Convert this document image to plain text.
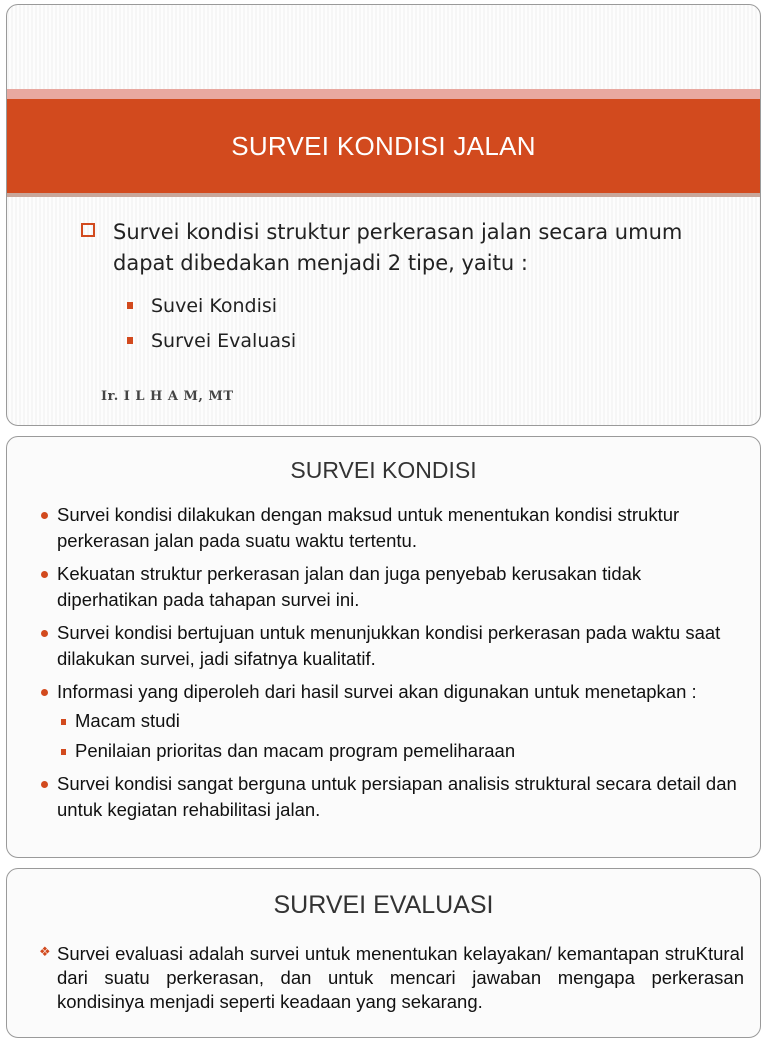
SURVEI KONDISI JALAN
Survei kondisi struktur perkerasan jalan secara umum dapat dibedakan menjadi 2 tipe, yaitu :
Suvei Kondisi
Survei Evaluasi
Ir. I L H A M, MT
SURVEI KONDISI
Survei kondisi dilakukan dengan maksud untuk menentukan kondisi struktur perkerasan jalan pada suatu waktu tertentu.
Kekuatan struktur perkerasan jalan dan juga penyebab kerusakan tidak diperhatikan pada tahapan survei ini.
Survei kondisi bertujuan untuk menunjukkan kondisi perkerasan pada waktu saat dilakukan survei, jadi sifatnya kualitatif.
Informasi yang diperoleh dari hasil survei akan digunakan untuk menetapkan :
Macam studi
Penilaian prioritas dan macam program pemeliharaan
Survei kondisi sangat berguna untuk persiapan analisis struktural secara detail dan untuk kegiatan rehabilitasi jalan.
SURVEI EVALUASI
❖ Survei evaluasi adalah survei untuk menentukan kelayakan/ kemantapan struKtural dari suatu perkerasan, dan untuk mencari jawaban mengapa perkerasan kondisinya menjadi seperti keadaan yang sekarang.
